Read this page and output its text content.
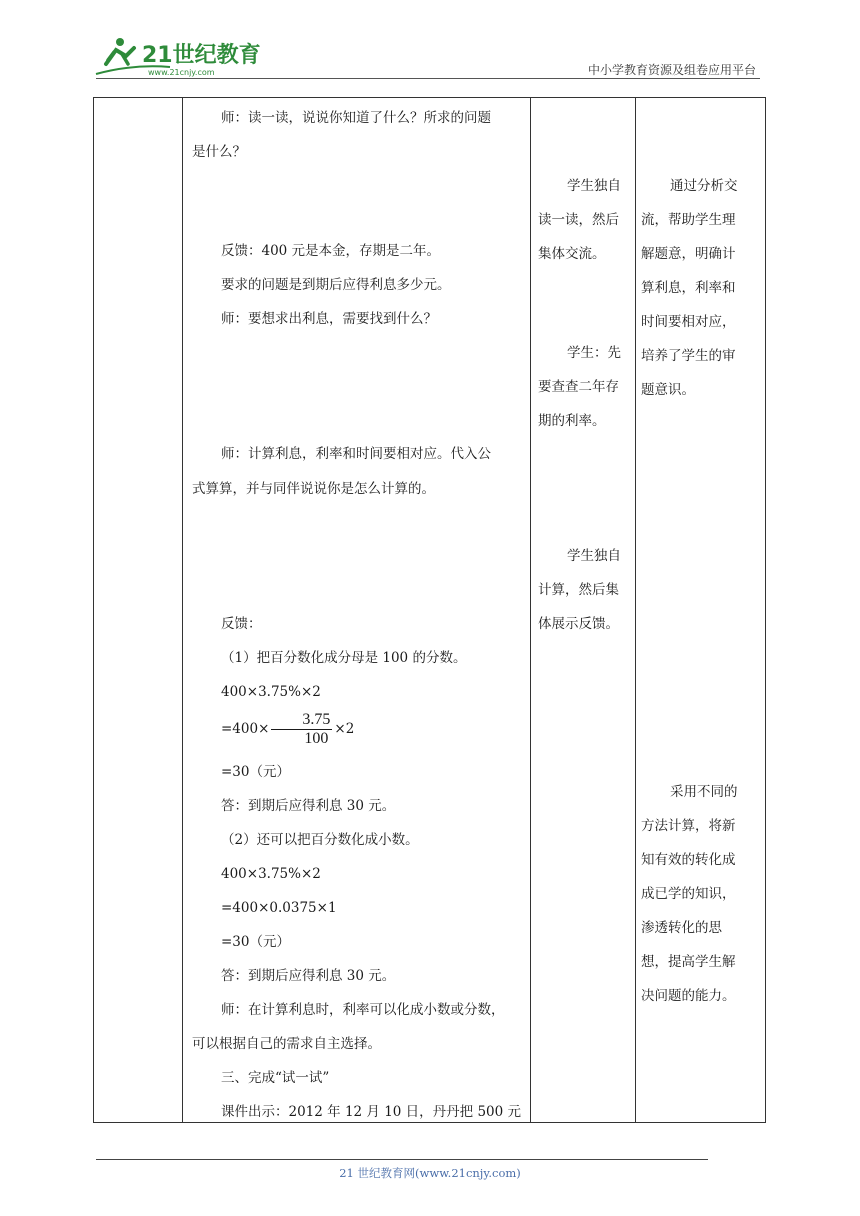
21世纪教育
www.21cnjy.com	中小学教育资源及组卷应用平台
师：读一读，说说你知道了什么？所求的问题
是什么？
反馈：400 元是本金，存期是二年。
要求的问题是到期后应得利息多少元。
师：要想求出利息，需要找到什么？
师：计算利息，利率和时间要相对应。代入公
式算算，并与同伴说说你是怎么计算的。
反馈：
（1）把百分数化成分母是 100 的分数。
400×3.75%×2
$=400\times \frac{3.75}{100} \times 2$
=30（元）
答：到期后应得利息 30 元。
（2）还可以把百分数化成小数。
400×3.75%×2
=400×0.0375×1
=30（元）
答：到期后应得利息 30 元。
师：在计算利息时，利率可以化成小数或分数，
可以根据自己的需求自主选择。
三、完成“试一试”
课件出示：2012 年 12 月 10 日，丹丹把 500 元
学生独自
读一读，然后
集体交流。
学生：先
要查查二年存
期的利率。
学生独自
计算，然后集
体展示反馈。
通过分析交
流，帮助学生理
解题意，明确计
算利息，利率和
时间要相对应，
培养了学生的审
题意识。
采用不同的
方法计算，将新
知有效的转化成
成已学的知识，
渗透转化的思
想，提高学生解
决问题的能力。
21 世纪教育网(www.21cnjy.com)
